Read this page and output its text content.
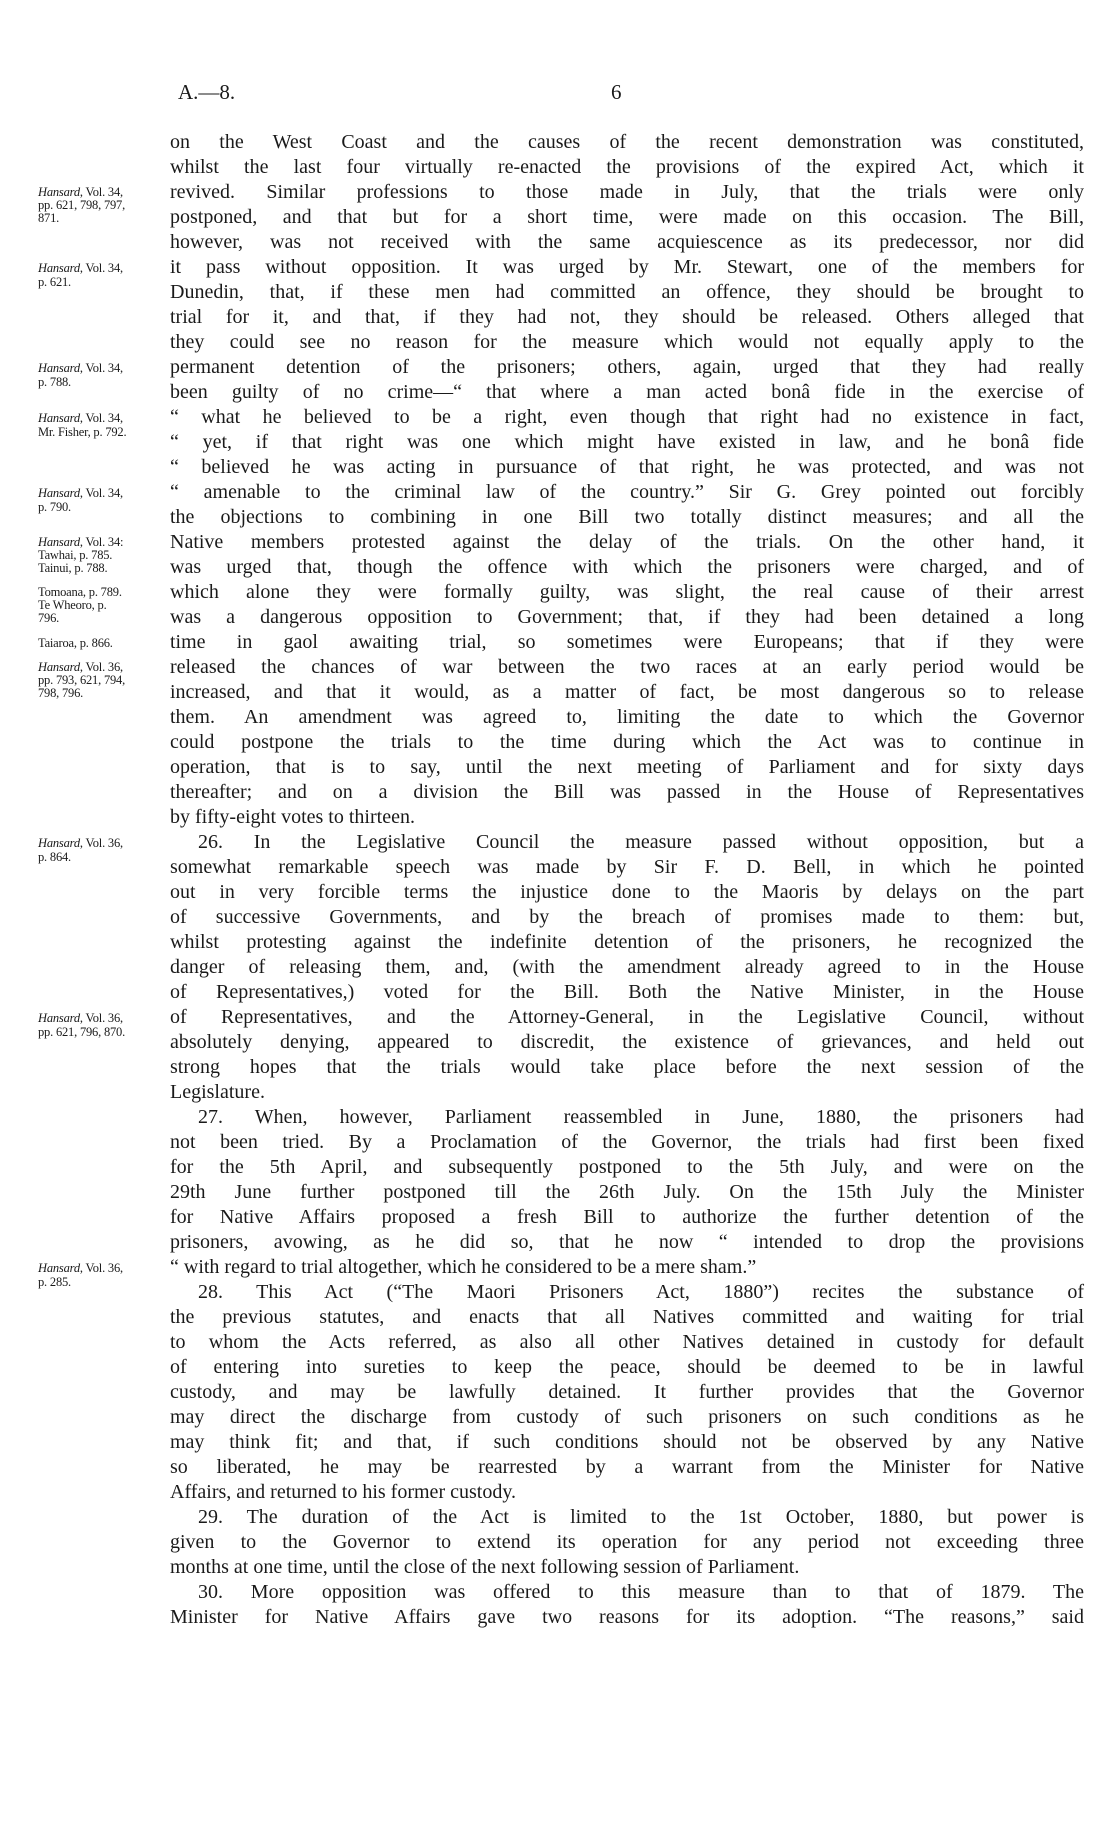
A.—8.	6
on the West Coast and the causes of the recent demonstration was constituted,
whilst the last four virtually re-enacted the provisions of the expired Act, which it
revived. Similar professions to those made in July, that the trials were only
postponed, and that but for a short time, were made on this occasion. The Bill,
however, was not received with the same acquiescence as its predecessor, nor did
it pass without opposition. It was urged by Mr. Stewart, one of the members for
Dunedin, that, if these men had committed an offence, they should be brought to
trial for it, and that, if they had not, they should be released. Others alleged that
they could see no reason for the measure which would not equally apply to the
permanent detention of the prisoners; others, again, urged that they had really
been guilty of no crime—“ that where a man acted bonâ fide in the exercise of
“ what he believed to be a right, even though that right had no existence in fact,
“ yet, if that right was one which might have existed in law, and he bonâ fide
“ believed he was acting in pursuance of that right, he was protected, and was not
“ amenable to the criminal law of the country.” Sir G. Grey pointed out forcibly
the objections to combining in one Bill two totally distinct measures; and all the
Native members protested against the delay of the trials. On the other hand, it
was urged that, though the offence with which the prisoners were charged, and of
which alone they were formally guilty, was slight, the real cause of their arrest
was a dangerous opposition to Government; that, if they had been detained a long
time in gaol awaiting trial, so sometimes were Europeans; that if they were
released the chances of war between the two races at an early period would be
increased, and that it would, as a matter of fact, be most dangerous so to release
them. An amendment was agreed to, limiting the date to which the Governor
could postpone the trials to the time during which the Act was to continue in
operation, that is to say, until the next meeting of Parliament and for sixty days
thereafter; and on a division the Bill was passed in the House of Representatives
by fifty-eight votes to thirteen.
26. In the Legislative Council the measure passed without opposition, but a
somewhat remarkable speech was made by Sir F. D. Bell, in which he pointed
out in very forcible terms the injustice done to the Maoris by delays on the part
of successive Governments, and by the breach of promises made to them: but,
whilst protesting against the indefinite detention of the prisoners, he recognized the
danger of releasing them, and, (with the amendment already agreed to in the House
of Representatives,) voted for the Bill. Both the Native Minister, in the House
of Representatives, and the Attorney-General, in the Legislative Council, without
absolutely denying, appeared to discredit, the existence of grievances, and held out
strong hopes that the trials would take place before the next session of the
Legislature.
27. When, however, Parliament reassembled in June, 1880, the prisoners had
not been tried. By a Proclamation of the Governor, the trials had first been fixed
for the 5th April, and subsequently postponed to the 5th July, and were on the
29th June further postponed till the 26th July. On the 15th July the Minister
for Native Affairs proposed a fresh Bill to authorize the further detention of the
prisoners, avowing, as he did so, that he now “ intended to drop the provisions
“ with regard to trial altogether, which he considered to be a mere sham.”
28. This Act (“The Maori Prisoners Act, 1880”) recites the substance of
the previous statutes, and enacts that all Natives committed and waiting for trial
to whom the Acts referred, as also all other Natives detained in custody for default
of entering into sureties to keep the peace, should be deemed to be in lawful
custody, and may be lawfully detained. It further provides that the Governor
may direct the discharge from custody of such prisoners on such conditions as he
may think fit; and that, if such conditions should not be observed by any Native
so liberated, he may be rearrested by a warrant from the Minister for Native
Affairs, and returned to his former custody.
29. The duration of the Act is limited to the 1st October, 1880, but power is
given to the Governor to extend its operation for any period not exceeding three
months at one time, until the close of the next following session of Parliament.
30. More opposition was offered to this measure than to that of 1879. The
Minister for Native Affairs gave two reasons for its adoption. “The reasons,” said
Hansard, Vol. 34,
pp. 621, 798, 797,
871.
Hansard, Vol. 34,
p. 621.
Hansard, Vol. 34,
p. 788.
Hansard, Vol. 34,
Mr. Fisher, p. 792.
Hansard, Vol. 34,
p. 790.
Hansard, Vol. 34:
Tawhai, p. 785.
Tainui, p. 788.
Tomoana, p. 789.
Te Wheoro, p.
796.
Taiaroa, p. 866.
Hansard, Vol. 36,
pp. 793, 621, 794,
798, 796.
Hansard, Vol. 36,
p. 864.
Hansard, Vol. 36,
pp. 621, 796, 870.
Hansard, Vol. 36,
p. 285.
